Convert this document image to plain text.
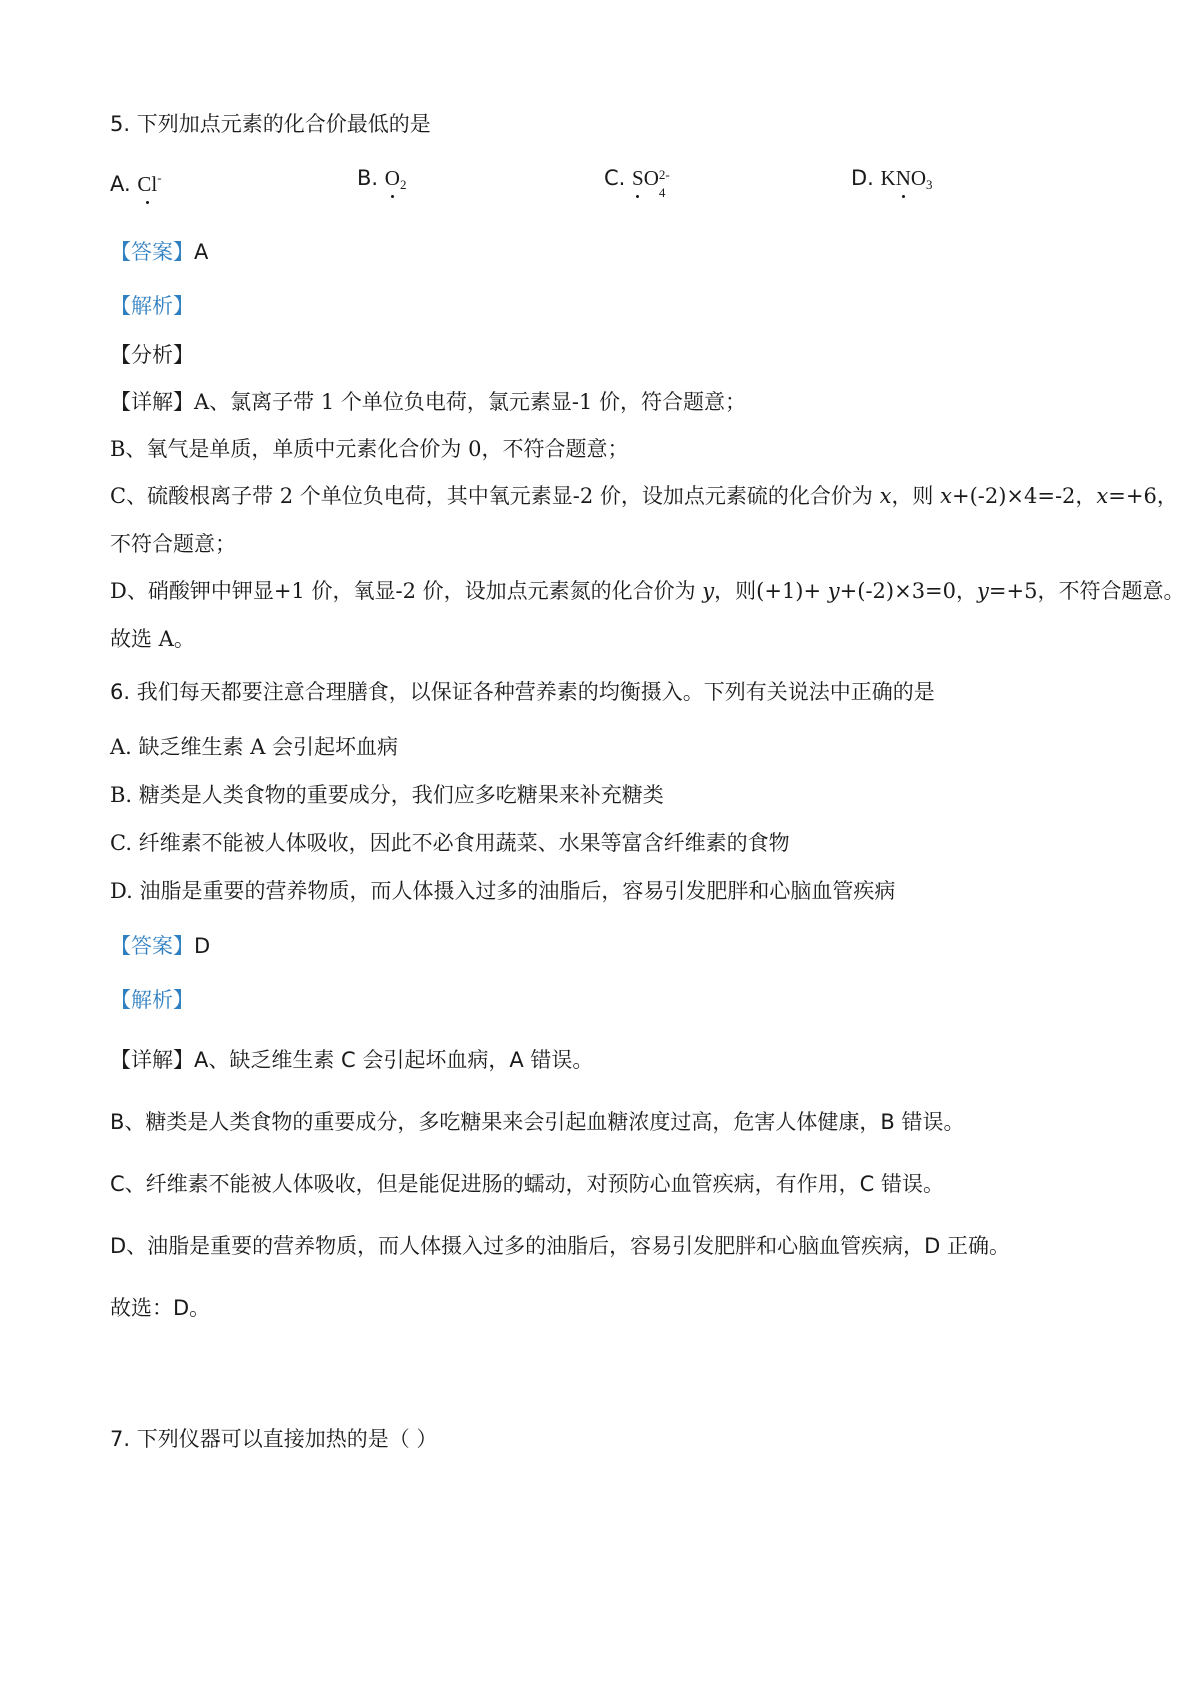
5. 下列加点元素的化合价最低的是
A. Cl-	B. $O_2$	C. SO 2-
4
D. $KNO_3$
【答案】A
【解析】
【分析】
【详解】A、氯离子带 1 个单位负电荷，氯元素显-1 价，符合题意；
B、氧气是单质，单质中元素化合价为 0，不符合题意；
C、硫酸根离子带 2 个单位负电荷，其中氧元素显-2 价，设加点元素硫的化合价为 x，则 x+(-2)×4=-2，x=+6，
不符合题意；
D、硝酸钾中钾显+1 价，氧显-2 价，设加点元素氮的化合价为 y，则(+1)+ y+(-2)×3=0，y=+5，不符合题意。
故选 A。
6. 我们每天都要注意合理膳食，以保证各种营养素的均衡摄入。下列有关说法中正确的是
A. 缺乏维生素 A 会引起坏血病
B. 糖类是人类食物的重要成分，我们应多吃糖果来补充糖类
C. 纤维素不能被人体吸收，因此不必食用蔬菜、水果等富含纤维素的食物
D. 油脂是重要的营养物质，而人体摄入过多的油脂后，容易引发肥胖和心脑血管疾病
【答案】D
【解析】
【详解】A、缺乏维生素 C 会引起坏血病，A 错误。
B、糖类是人类食物的重要成分，多吃糖果来会引起血糖浓度过高，危害人体健康，B 错误。
C、纤维素不能被人体吸收，但是能促进肠的蠕动，对预防心血管疾病，有作用，C 错误。
D、油脂是重要的营养物质，而人体摄入过多的油脂后，容易引发肥胖和心脑血管疾病，D 正确。
故选：D。
7. 下列仪器可以直接加热的是（ ）
